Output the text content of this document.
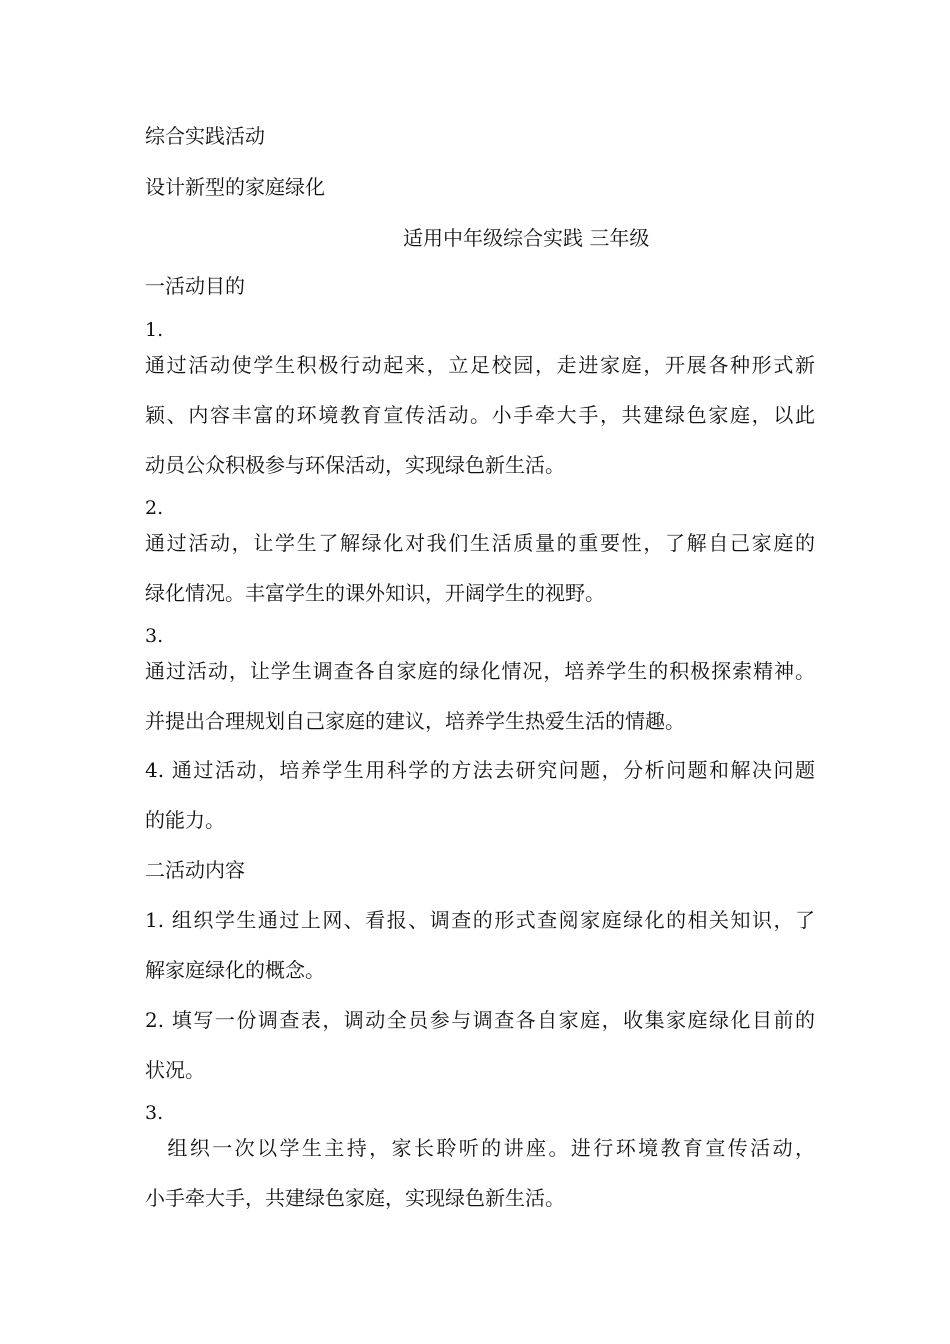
综合实践活动
设计新型的家庭绿化
适用中年级综合实践 三年级
一活动目的
1.
通过活动使学生积极行动起来，立足校园，走进家庭，开展各种形式新
颖、内容丰富的环境教育宣传活动。小手牵大手，共建绿色家庭，以此
动员公众积极参与环保活动，实现绿色新生活。
2.
通过活动，让学生了解绿化对我们生活质量的重要性，了解自己家庭的
绿化情况。丰富学生的课外知识，开阔学生的视野。
3.
通过活动，让学生调查各自家庭的绿化情况，培养学生的积极探索精神。
并提出合理规划自己家庭的建议，培养学生热爱生活的情趣。
4. 通过活动，培养学生用科学的方法去研究问题，分析问题和解决问题
的能力。
二活动内容
1. 组织学生通过上网、看报、调查的形式查阅家庭绿化的相关知识，了
解家庭绿化的概念。
2. 填写一份调查表，调动全员参与调查各自家庭，收集家庭绿化目前的
状况。
3.
　组织一次以学生主持，家长聆听的讲座。进行环境教育宣传活动，
小手牵大手，共建绿色家庭，实现绿色新生活。
